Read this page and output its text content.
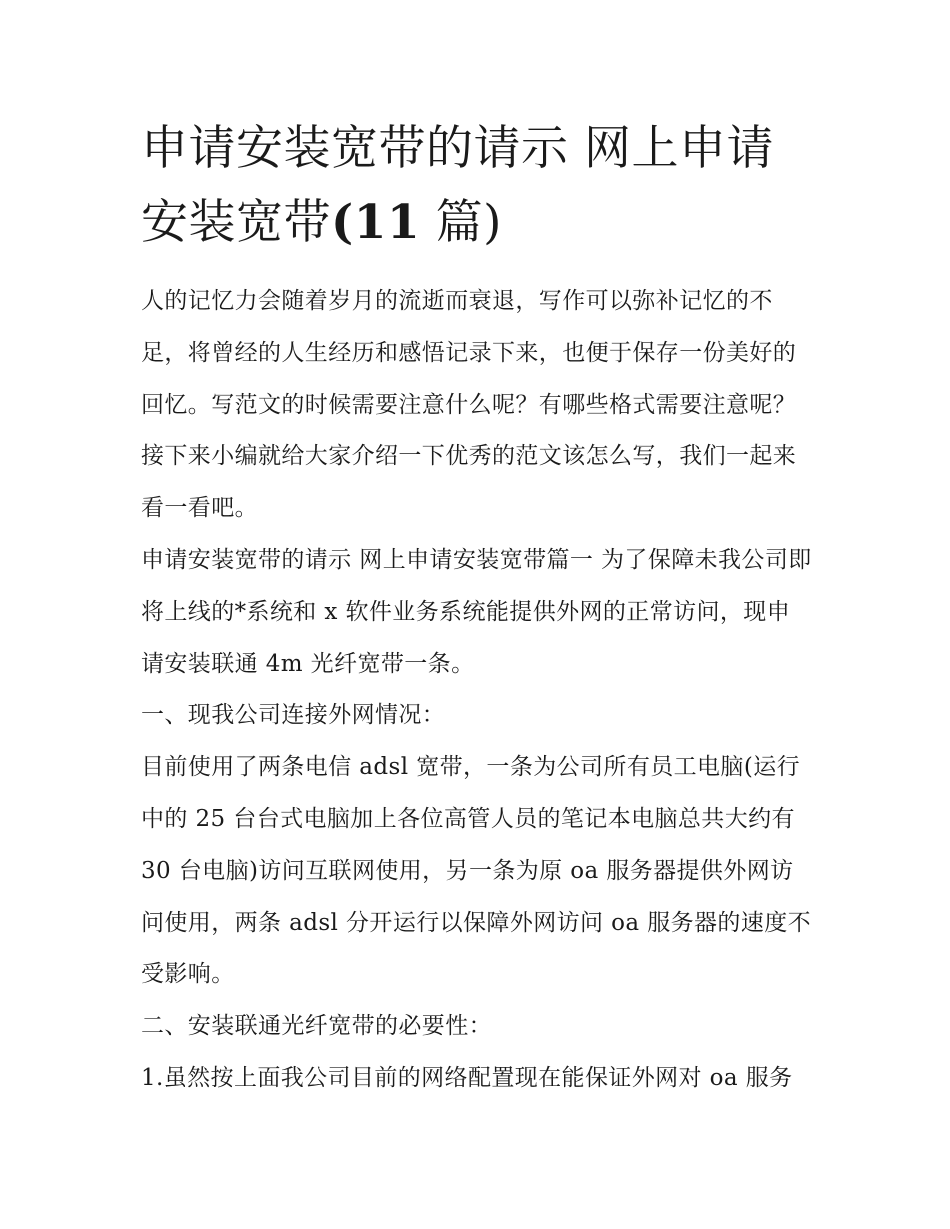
申请安装宽带的请示 网上申请安装宽带(11 篇)

人的记忆力会随着岁月的流逝而衰退，写作可以弥补记忆的不足，将曾经的人生经历和感悟记录下来，也便于保存一份美好的回忆。写范文的时候需要注意什么呢？有哪些格式需要注意呢？接下来小编就给大家介绍一下优秀的范文该怎么写，我们一起来看一看吧。

申请安装宽带的请示 网上申请安装宽带篇一 为了保障未我公司即将上线的*系统和 x 软件业务系统能提供外网的正常访问，现申请安装联通 4m 光纤宽带一条。

一、现我公司连接外网情况：

目前使用了两条电信 adsl 宽带，一条为公司所有员工电脑(运行中的 25 台台式电脑加上各位高管人员的笔记本电脑总共大约有 30 台电脑)访问互联网使用，另一条为原 oa 服务器提供外网访问使用，两条 adsl 分开运行以保障外网访问 oa 服务器的速度不受影响。

二、安装联通光纤宽带的必要性：

1.虽然按上面我公司目前的网络配置现在能保证外网对 oa 服务
